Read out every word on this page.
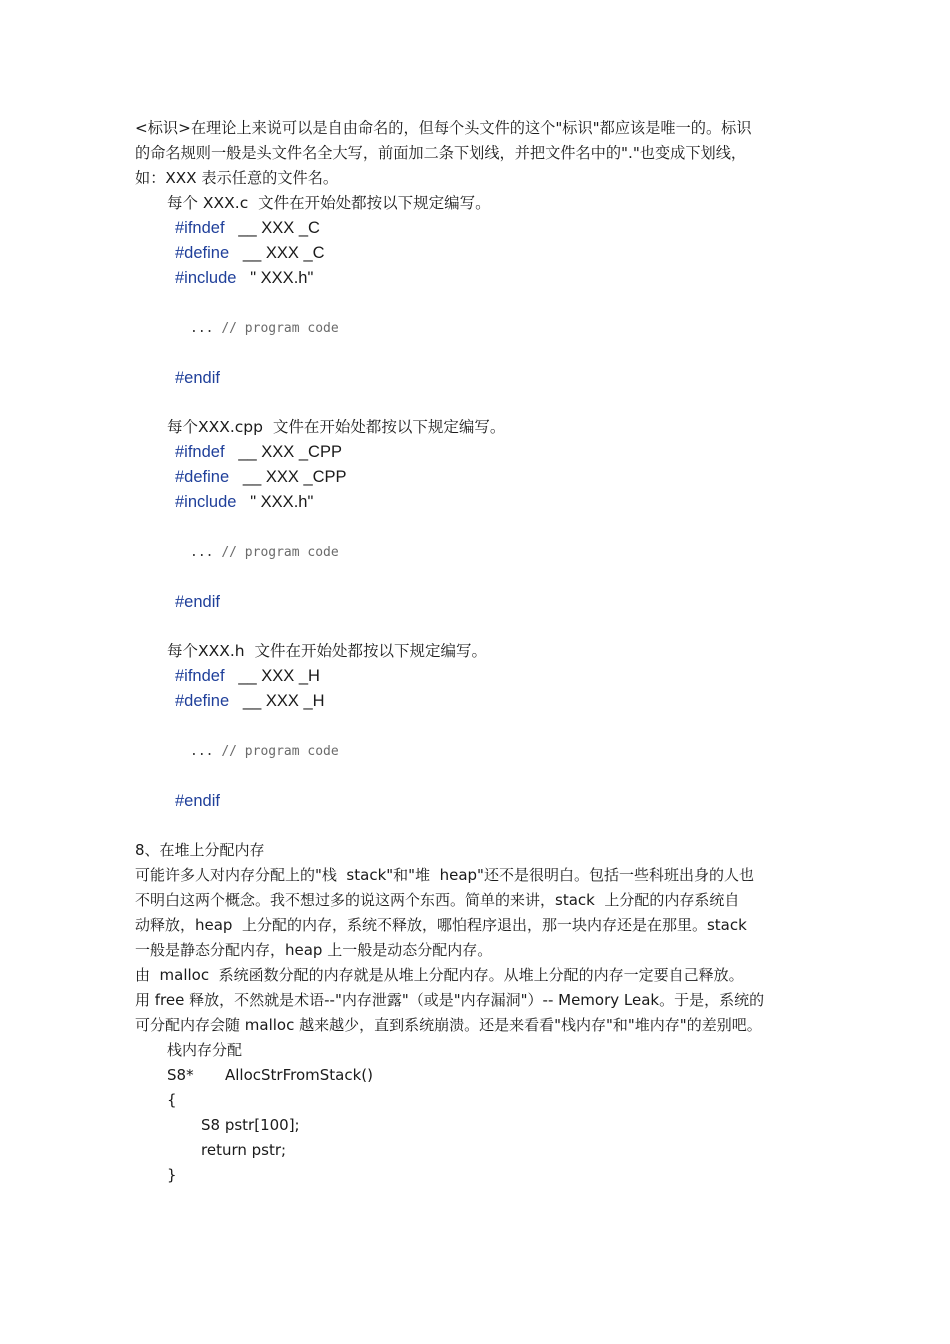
<标识>在理论上来说可以是自由命名的，但每个头文件的这个"标识"都应该是唯一的。标识
的命名规则一般是头文件名全大写，前面加二条下划线，并把文件名中的"."也变成下划线，
如：XXX 表示任意的文件名。
每个 XXX.c  文件在开始处都按以下规定编写。
#ifndef __ XXX _C
#define __ XXX _C
#include " XXX.h"
... // program code
#endif
每个XXX.cpp  文件在开始处都按以下规定编写。
#ifndef __ XXX _CPP
#define __ XXX _CPP
#include " XXX.h"
... // program code
#endif
每个XXX.h  文件在开始处都按以下规定编写。
#ifndef __ XXX _H
#define __ XXX _H
... // program code
#endif
8、在堆上分配内存
可能许多人对内存分配上的"栈  stack"和"堆  heap"还不是很明白。包括一些科班出身的人也
不明白这两个概念。我不想过多的说这两个东西。简单的来讲，stack  上分配的内存系统自
动释放，heap  上分配的内存，系统不释放，哪怕程序退出，那一块内存还是在那里。stack
一般是静态分配内存，heap 上一般是动态分配内存。
由  malloc  系统函数分配的内存就是从堆上分配内存。从堆上分配的内存一定要自己释放。
用 free 释放，不然就是术语--"内存泄露"（或是"内存漏洞"）-- Memory Leak。于是，系统的
可分配内存会随 malloc 越来越少，直到系统崩溃。还是来看看"栈内存"和"堆内存"的差别吧。
栈内存分配
S8* AllocStrFromStack()
{
S8 pstr[100];
return pstr;
}
